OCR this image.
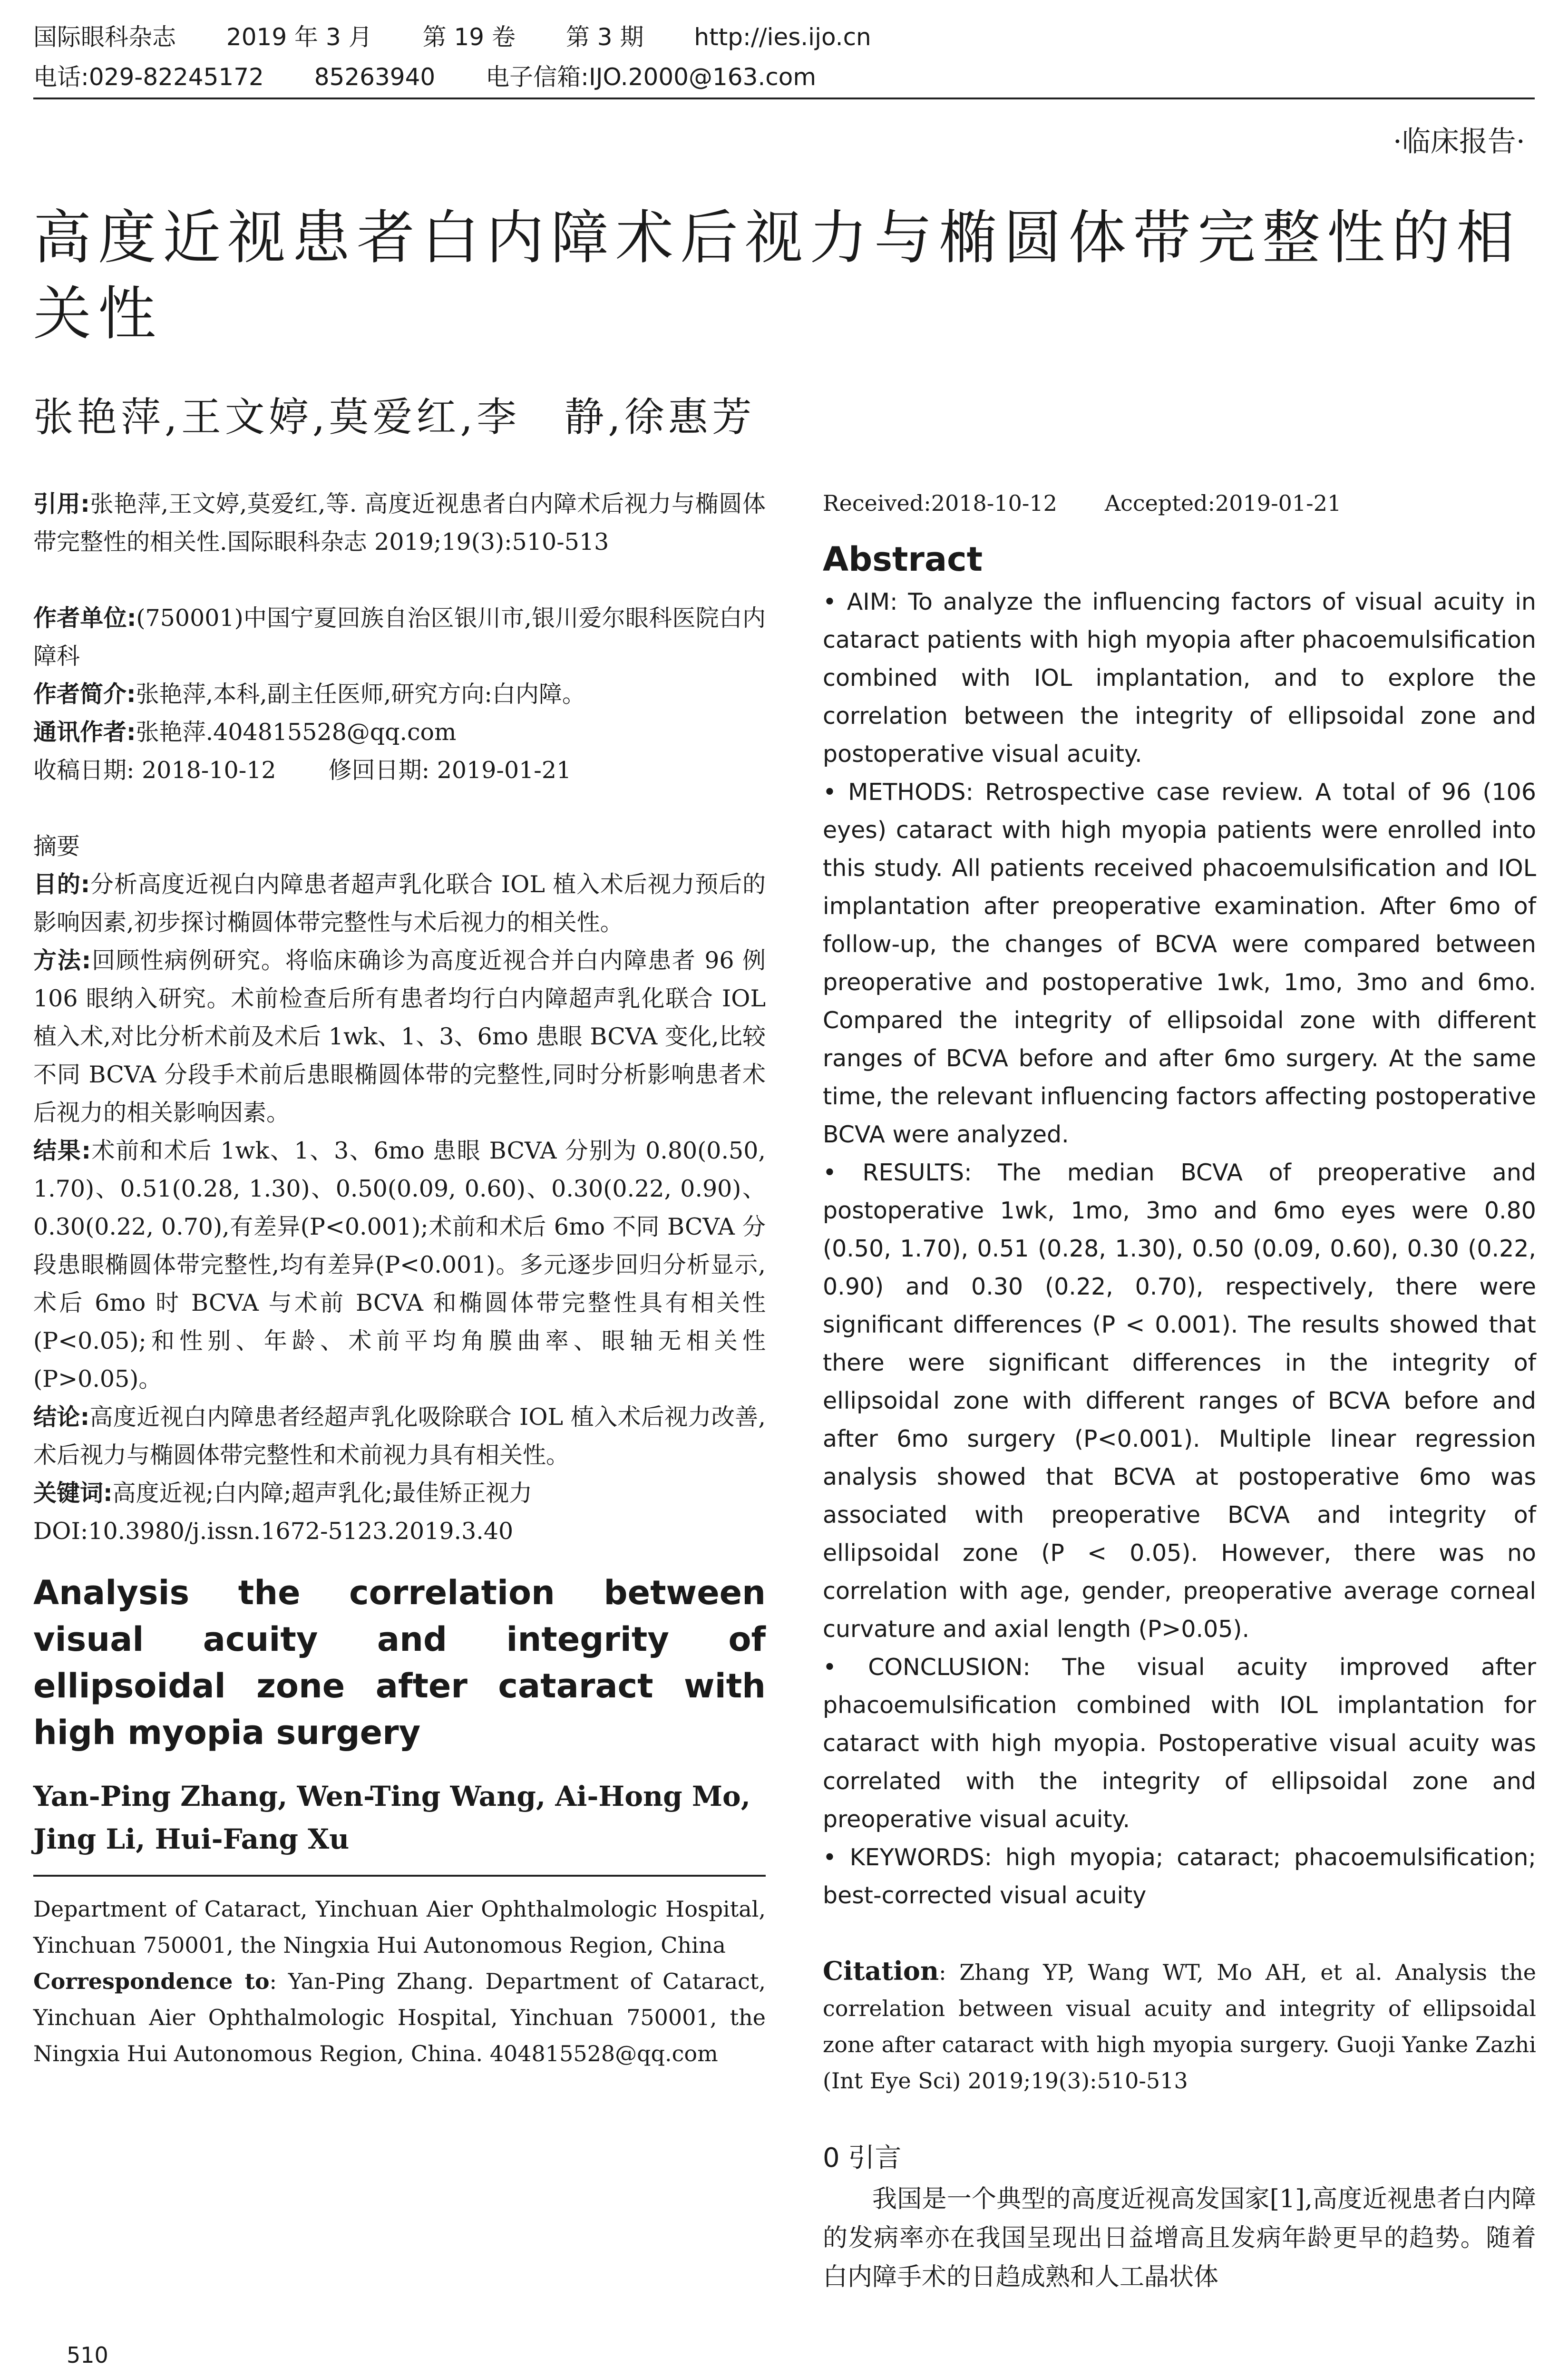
国际眼科杂志 2019 年 3 月 第 19 卷 第 3 期 http://ies.ijo.cn
电话:029-82245172 85263940 电子信箱:IJO.2000@163.com
·临床报告·
高度近视患者白内障术后视力与椭圆体带完整性的相关性
张艳萍,王文婷,莫爱红,李　静,徐惠芳

引用:张艳萍,王文婷,莫爱红,等. 高度近视患者白内障术后视力与椭圆体带完整性的相关性.国际眼科杂志 2019;19(3):510-513

作者单位:(750001)中国宁夏回族自治区银川市,银川爱尔眼科医院白内障科

作者简介:张艳萍,本科,副主任医师,研究方向:白内障。

通讯作者:张艳萍.404815528@qq.com

收稿日期: 2018-10-12 修回日期: 2019-01-21

摘要

目的:分析高度近视白内障患者超声乳化联合 IOL 植入术后视力预后的影响因素,初步探讨椭圆体带完整性与术后视力的相关性。

方法:回顾性病例研究。将临床确诊为高度近视合并白内障患者 96 例 106 眼纳入研究。术前检查后所有患者均行白内障超声乳化联合 IOL 植入术,对比分析术前及术后 1wk、1、3、6mo 患眼 BCVA 变化,比较不同 BCVA 分段手术前后患眼椭圆体带的完整性,同时分析影响患者术后视力的相关影响因素。

结果:术前和术后 1wk、1、3、6mo 患眼 BCVA 分别为 0.80(0.50, 1.70)、0.51(0.28, 1.30)、0.50(0.09, 0.60)、0.30(0.22, 0.90)、0.30(0.22, 0.70),有差异(P<0.001);术前和术后 6mo 不同 BCVA 分段患眼椭圆体带完整性,均有差异(P<0.001)。多元逐步回归分析显示,术后 6mo 时 BCVA 与术前 BCVA 和椭圆体带完整性具有相关性(P<0.05);和性别、年龄、术前平均角膜曲率、眼轴无相关性(P>0.05)。

结论:高度近视白内障患者经超声乳化吸除联合 IOL 植入术后视力改善,术后视力与椭圆体带完整性和术前视力具有相关性。

关键词:高度近视;白内障;超声乳化;最佳矫正视力

DOI:10.3980/j.issn.1672-5123.2019.3.40

Analysis the correlation between visual acuity and integrity of ellipsoidal zone after cataract with high myopia surgery

Yan-Ping Zhang, Wen-Ting Wang, Ai-Hong Mo, Jing Li, Hui-Fang Xu

Department of Cataract, Yinchuan Aier Ophthalmologic Hospital, Yinchuan 750001, the Ningxia Hui Autonomous Region, China

Correspondence to: Yan-Ping Zhang. Department of Cataract, Yinchuan Aier Ophthalmologic Hospital, Yinchuan 750001, the Ningxia Hui Autonomous Region, China. 404815528@qq.com

Received:2018-10-12 Accepted:2019-01-21

Abstract

• AIM: To analyze the influencing factors of visual acuity in cataract patients with high myopia after phacoemulsification combined with IOL implantation, and to explore the correlation between the integrity of ellipsoidal zone and postoperative visual acuity.

• METHODS: Retrospective case review. A total of 96 (106 eyes) cataract with high myopia patients were enrolled into this study. All patients received phacoemulsification and IOL implantation after preoperative examination. After 6mo of follow-up, the changes of BCVA were compared between preoperative and postoperative 1wk, 1mo, 3mo and 6mo. Compared the integrity of ellipsoidal zone with different ranges of BCVA before and after 6mo surgery. At the same time, the relevant influencing factors affecting postoperative BCVA were analyzed.

• RESULTS: The median BCVA of preoperative and postoperative 1wk, 1mo, 3mo and 6mo eyes were 0.80 (0.50, 1.70), 0.51 (0.28, 1.30), 0.50 (0.09, 0.60), 0.30 (0.22, 0.90) and 0.30 (0.22, 0.70), respectively, there were significant differences (P < 0.001). The results showed that there were significant differences in the integrity of ellipsoidal zone with different ranges of BCVA before and after 6mo surgery (P<0.001). Multiple linear regression analysis showed that BCVA at postoperative 6mo was associated with preoperative BCVA and integrity of ellipsoidal zone (P < 0.05). However, there was no correlation with age, gender, preoperative average corneal curvature and axial length (P>0.05).

• CONCLUSION: The visual acuity improved after phacoemulsification combined with IOL implantation for cataract with high myopia. Postoperative visual acuity was correlated with the integrity of ellipsoidal zone and preoperative visual acuity.

• KEYWORDS: high myopia; cataract; phacoemulsification; best-corrected visual acuity

Citation: Zhang YP, Wang WT, Mo AH, et al. Analysis the correlation between visual acuity and integrity of ellipsoidal zone after cataract with high myopia surgery. Guoji Yanke Zazhi (Int Eye Sci) 2019;19(3):510-513

0 引言

我国是一个典型的高度近视高发国家[1],高度近视患者白内障的发病率亦在我国呈现出日益增高且发病年龄更早的趋势。随着白内障手术的日趋成熟和人工晶状体

510
